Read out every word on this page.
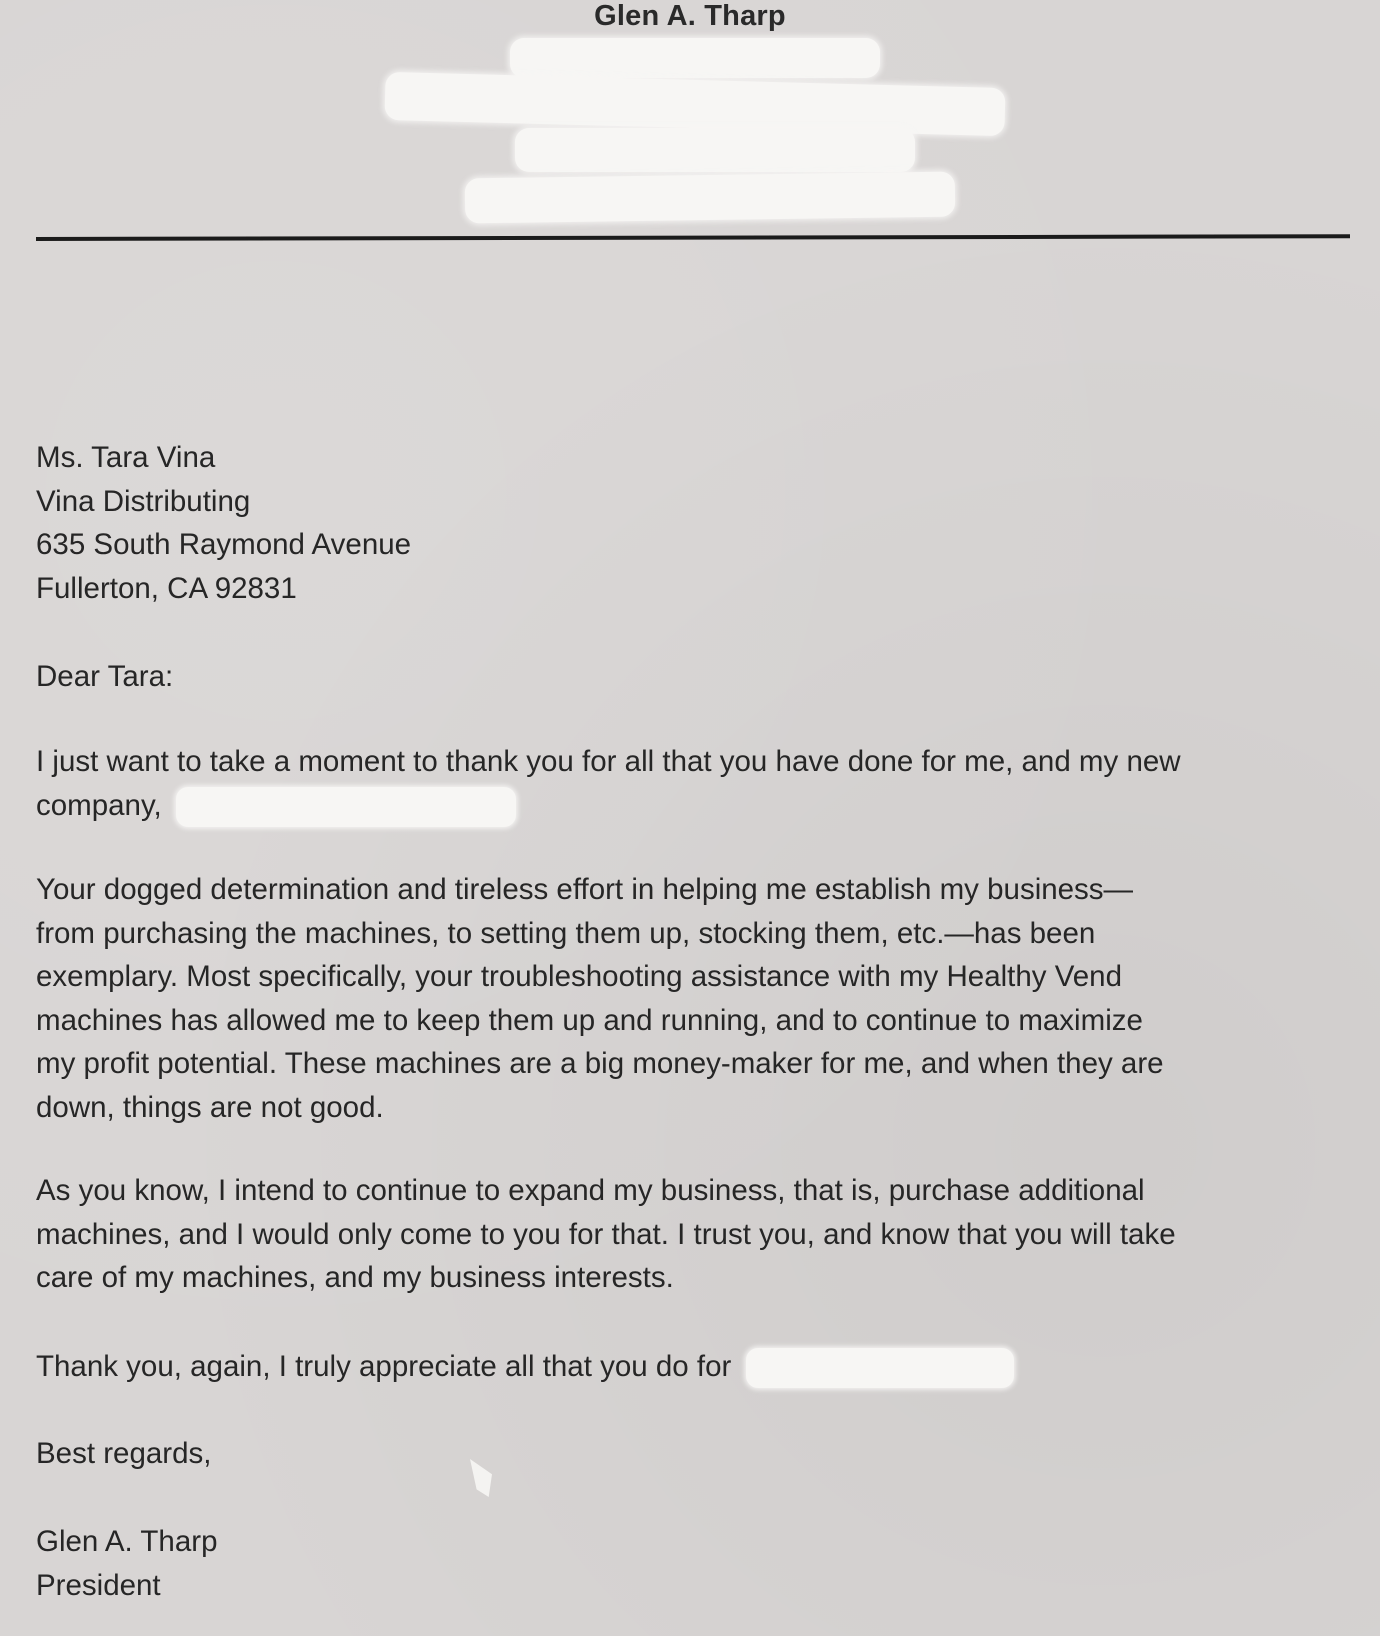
Glen A. Tharp
Ms. Tara Vina
Vina Distributing
635 South Raymond Avenue
Fullerton, CA 92831
Dear Tara:
I just want to take a moment to thank you for all that you have done for me, and my new
company,
Your dogged determination and tireless effort in helping me establish my business—
from purchasing the machines, to setting them up, stocking them, etc.—has been
exemplary. Most specifically, your troubleshooting assistance with my Healthy Vend
machines has allowed me to keep them up and running, and to continue to maximize
my profit potential. These machines are a big money-maker for me, and when they are
down, things are not good.
As you know, I intend to continue to expand my business, that is, purchase additional
machines, and I would only come to you for that. I trust you, and know that you will take
care of my machines, and my business interests.
Thank you, again, I truly appreciate all that you do for
Best regards,
Glen A. Tharp
President
